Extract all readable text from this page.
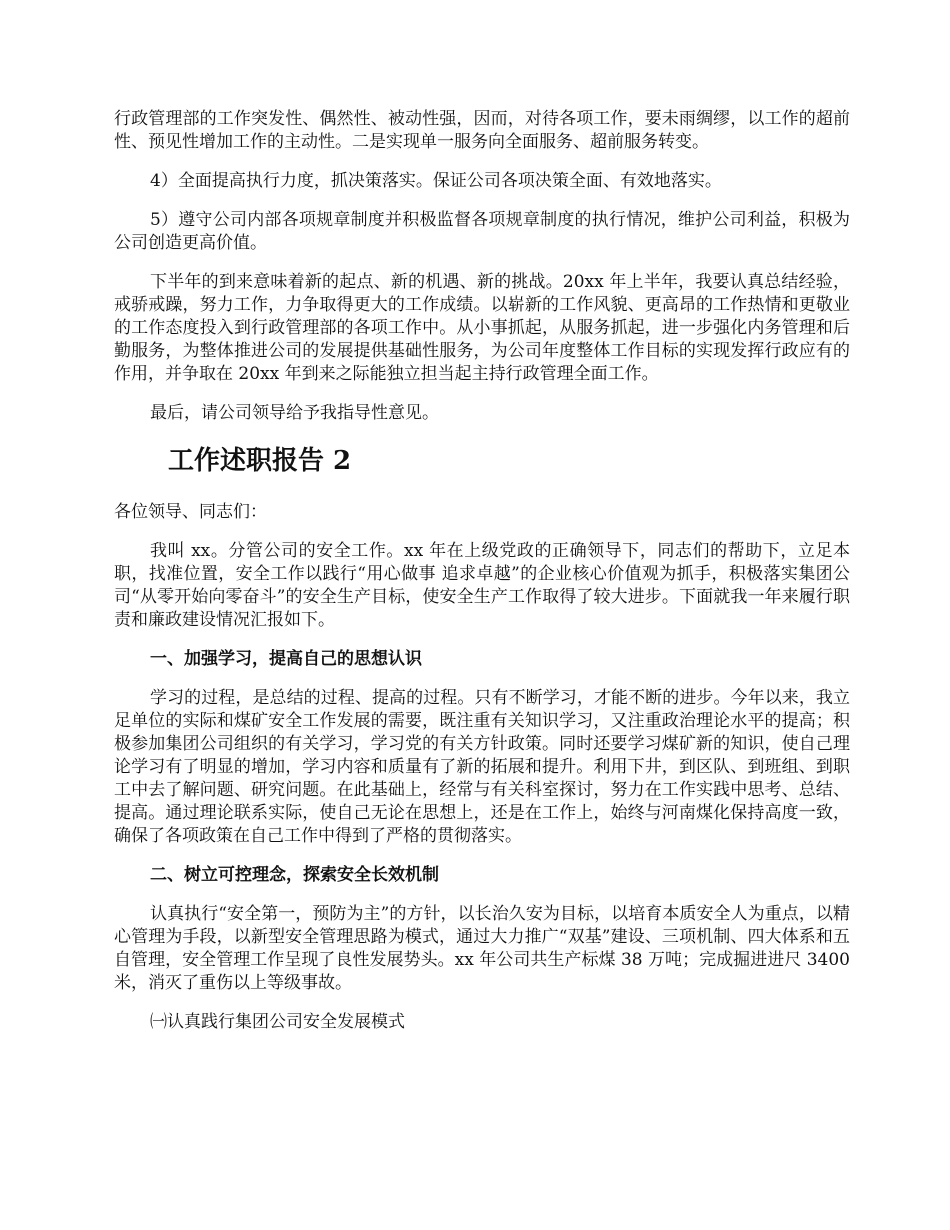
行政管理部的工作突发性、偶然性、被动性强，因而，对待各项工作，要未雨绸缪，以工作的超前性、预见性增加工作的主动性。二是实现单一服务向全面服务、超前服务转变。

4）全面提高执行力度，抓决策落实。保证公司各项决策全面、有效地落实。

5）遵守公司内部各项规章制度并积极监督各项规章制度的执行情况，维护公司利益，积极为公司创造更高价值。

下半年的到来意味着新的起点、新的机遇、新的挑战。20xx 年上半年，我要认真总结经验，戒骄戒躁，努力工作，力争取得更大的工作成绩。以崭新的工作风貌、更高昂的工作热情和更敬业的工作态度投入到行政管理部的各项工作中。从小事抓起，从服务抓起，进一步强化内务管理和后勤服务，为整体推进公司的发展提供基础性服务，为公司年度整体工作目标的实现发挥行政应有的作用，并争取在 20xx 年到来之际能独立担当起主持行政管理全面工作。

最后，请公司领导给予我指导性意见。

工作述职报告 2

各位领导、同志们：

我叫 xx。分管公司的安全工作。xx 年在上级党政的正确领导下，同志们的帮助下，立足本职，找准位置，安全工作以践行“用心做事 追求卓越”的企业核心价值观为抓手，积极落实集团公司“从零开始向零奋斗”的安全生产目标，使安全生产工作取得了较大进步。下面就我一年来履行职责和廉政建设情况汇报如下。

一、加强学习，提高自己的思想认识

学习的过程，是总结的过程、提高的过程。只有不断学习，才能不断的进步。今年以来，我立足单位的实际和煤矿安全工作发展的需要，既注重有关知识学习，又注重政治理论水平的提高；积极参加集团公司组织的有关学习，学习党的有关方针政策。同时还要学习煤矿新的知识，使自己理论学习有了明显的增加，学习内容和质量有了新的拓展和提升。利用下井，到区队、到班组、到职工中去了解问题、研究问题。在此基础上，经常与有关科室探讨，努力在工作实践中思考、总结、提高。通过理论联系实际，使自己无论在思想上，还是在工作上，始终与河南煤化保持高度一致，确保了各项政策在自己工作中得到了严格的贯彻落实。

二、树立可控理念，探索安全长效机制

认真执行“安全第一，预防为主”的方针，以长治久安为目标，以培育本质安全人为重点，以精心管理为手段，以新型安全管理思路为模式，通过大力推广“双基”建设、三项机制、四大体系和五自管理，安全管理工作呈现了良性发展势头。xx 年公司共生产标煤 38 万吨；完成掘进进尺 3400 米，消灭了重伤以上等级事故。

㈠认真践行集团公司安全发展模式
